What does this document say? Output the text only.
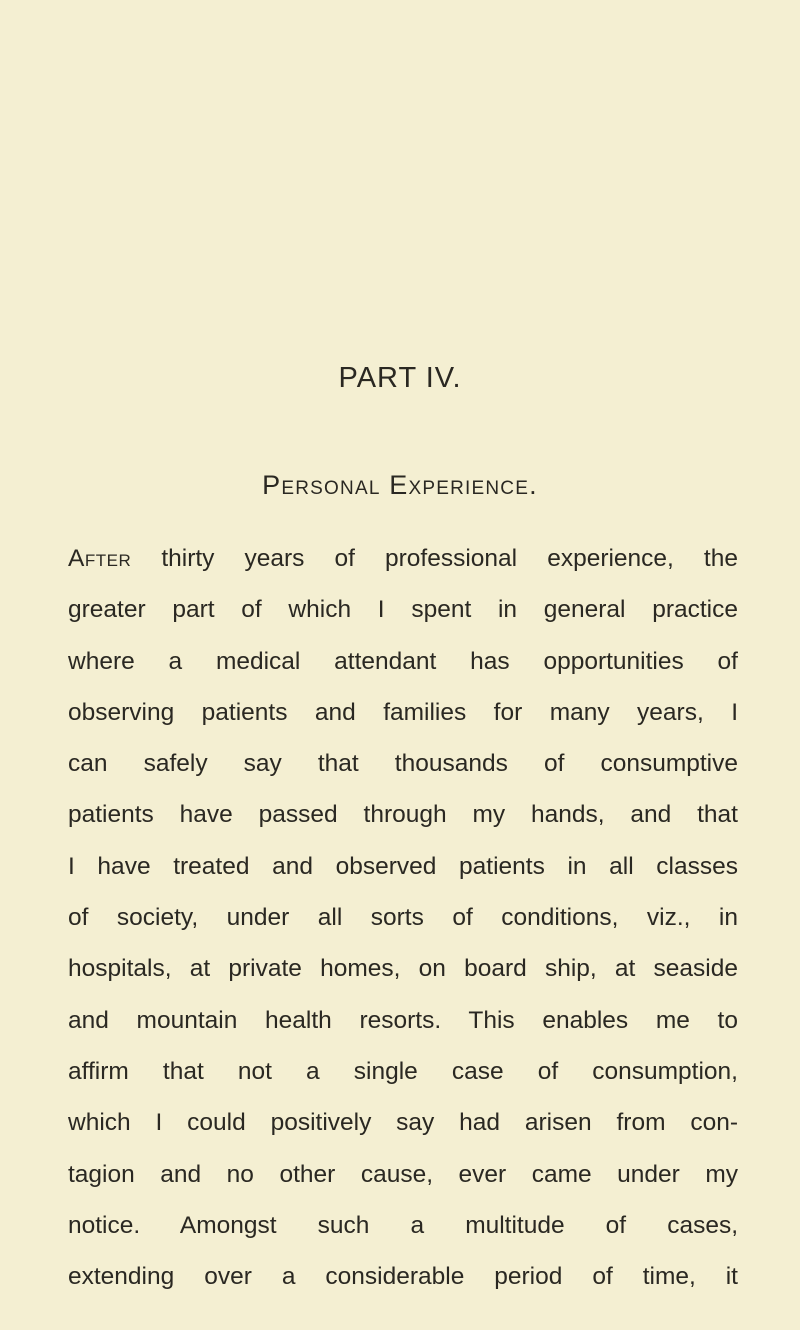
PART IV.
Personal Experience.
After thirty years of professional experience, the
greater part of which I spent in general practice
where a medical attendant has opportunities of
observing patients and families for many years, I
can safely say that thousands of consumptive
patients have passed through my hands, and that
I have treated and observed patients in all classes
of society, under all sorts of conditions, viz., in
hospitals, at private homes, on board ship, at seaside
and mountain health resorts. This enables me to
affirm that not a single case of consumption,
which I could positively say had arisen from con-
tagion and no other cause, ever came under my
notice. Amongst such a multitude of cases,
extending over a considerable period of time, it
